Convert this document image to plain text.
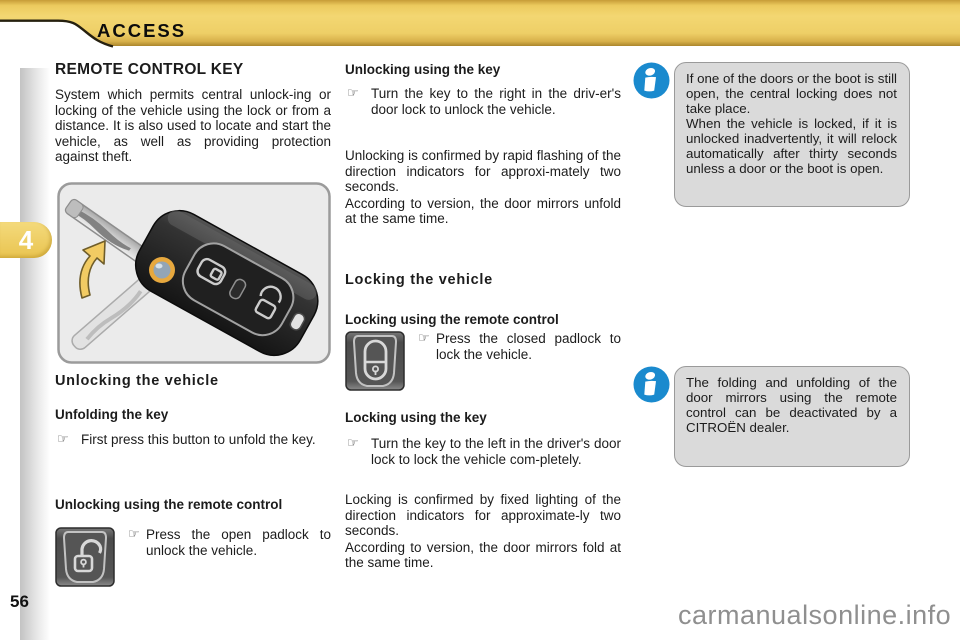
ACCESS
4
56
REMOTE CONTROL KEY
System which permits central unlock-ing or locking of the vehicle using the lock or from a distance. It is also used to locate and start the vehicle, as well as providing protection against theft.
Unlocking the vehicle
Unfolding the key
☞ First press this button to unfold the key.
Unlocking using the remote control
☞ Press the open padlock to unlock the vehicle.
Unlocking using the key
☞ Turn the key to the right in the driv-er's door lock to unlock the vehicle.

Unlocking is confirmed by rapid flashing of the direction indicators for approxi-mately two seconds.

According to version, the door mirrors unfold at the same time.

Locking the vehicle
Locking using the remote control
☞ Press the closed padlock to lock the vehicle.
Locking using the key
☞ Turn the key to the left in the driver's door lock to lock the vehicle com-pletely.

Locking is confirmed by fixed lighting of the direction indicators for approximate-ly two seconds.

According to version, the door mirrors fold at the same time.

If one of the doors or the boot is still open, the central locking does not take place.

When the vehicle is locked, if it is unlocked inadvertently, it will relock automatically after thirty seconds unless a door or the boot is open.

The folding and unfolding of the door mirrors using the remote control can be deactivated by a CITROËN dealer.

carmanualsonline.info
